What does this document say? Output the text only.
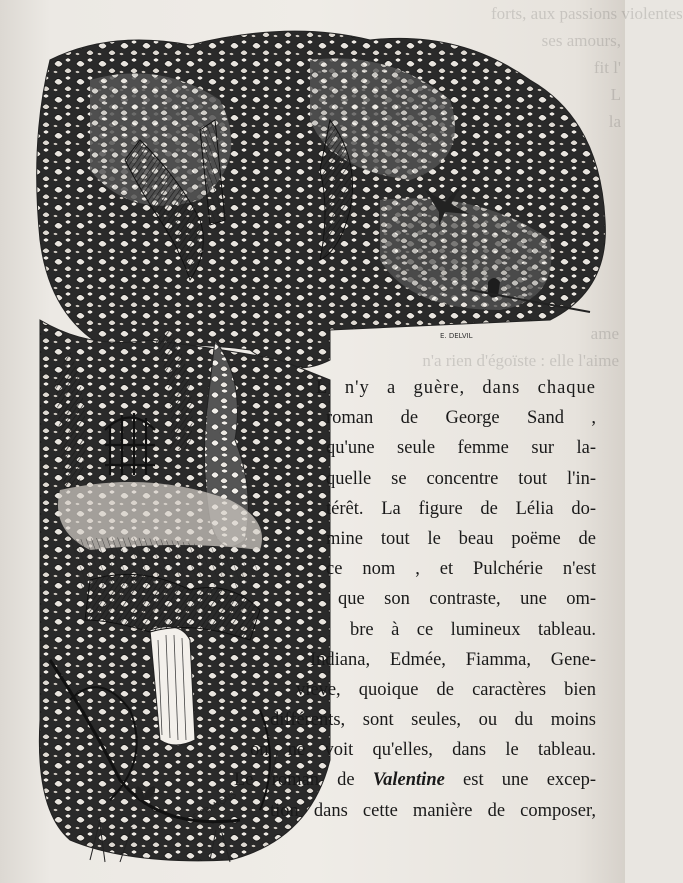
forts, aux passions violentes
ses amours,
fit l'
L
la
ame
n'a rien d'égoïste : elle l'aime
E. DELVIL
F. FRANÇAIS
L n'y a guère, dans chaque
roman de George Sand ,
qu'une seule femme sur la-
quelle se concentre tout l'in-
térêt. La figure de Lélia do-
mine tout le beau poëme de
ce nom , et Pulchérie n'est
que son contraste, une om-
bre à ce lumineux tableau.
Indiana, Edmée, Fiamma, Gene-
viève, quoique de caractères bien
différents, sont seules, ou du moins
on ne voit qu'elles, dans le tableau.
Le roman de Valentine est une excep-
tion dans cette manière de composer,
